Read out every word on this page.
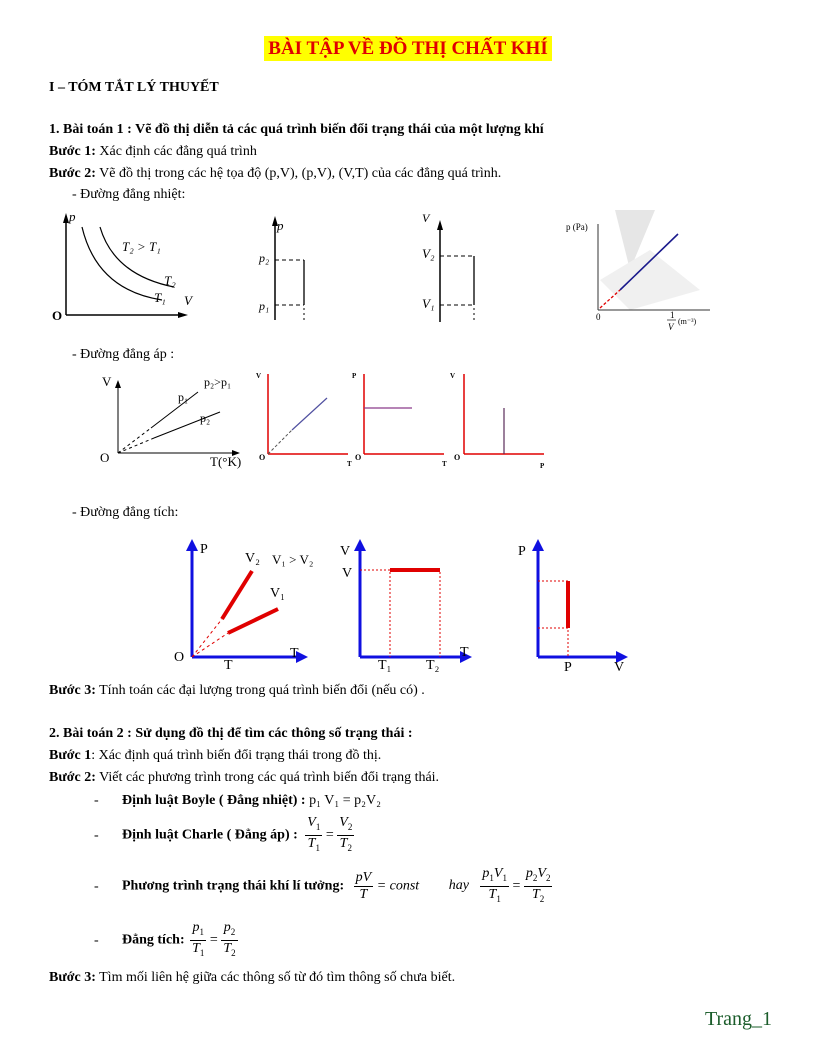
BÀI TẬP VỀ ĐỒ THỊ CHẤT KHÍ
I – TÓM TẮT LÝ THUYẾT
1. Bài toán 1 : Vẽ đồ thị diễn tả các quá trình biến đổi trạng thái của một lượng khí
Bước 1: Xác định các đẳng quá trình
Bước 2: Vẽ đồ thị trong các hệ tọa độ (p,V), (p,V), (V,T) của các đẳng quá trình.
- Đường đẳng nhiệt:
p
T₂ > T₁
T₂
T₁ V
O
p
p₂
p₁
V
V₂
V₁
p (Pa)
0	1
V
(m⁻³)
- Đường đẳng áp :
V	p₂>p₁
p₁
p₂
O	T(°K)
V
O
T
P
O
T
V
O
P
- Đường đẳng tích:
P
V₂ V₁ > V₂
V₁
O
T
T
V
V
T₁ T₂
T
P
P	V
Bước 3: Tính toán các đại lượng trong quá trình biến đổi (nếu có) .
2. Bài toán 2 : Sử dụng đồ thị để tìm các thông số trạng thái :
Bước 1: Xác định quá trình biến đổi trạng thái trong đồ thị.
Bước 2: Viết các phương trình trong các quá trình biến đổi trạng thái.
- Định luật Boyle ( Đẳng nhiệt) : p₁ V₁ = p₂V₂
- Định luật Charle ( Đẳng áp) : $\frac{V_1}{T_1} = \frac{V_2}{T_2}$
- Phương trình trạng thái khí lí tưởng: $\frac{pV}{T}$ = const hay $\frac{p_1V_1}{T_1} = \frac{p_2V_2}{T_2}$
- Đẳng tích: $\frac{p_1}{T_1} = \frac{p_2}{T_2}$
Bước 3: Tìm mối liên hệ giữa các thông số từ đó tìm thông số chưa biết.
Trang_1
